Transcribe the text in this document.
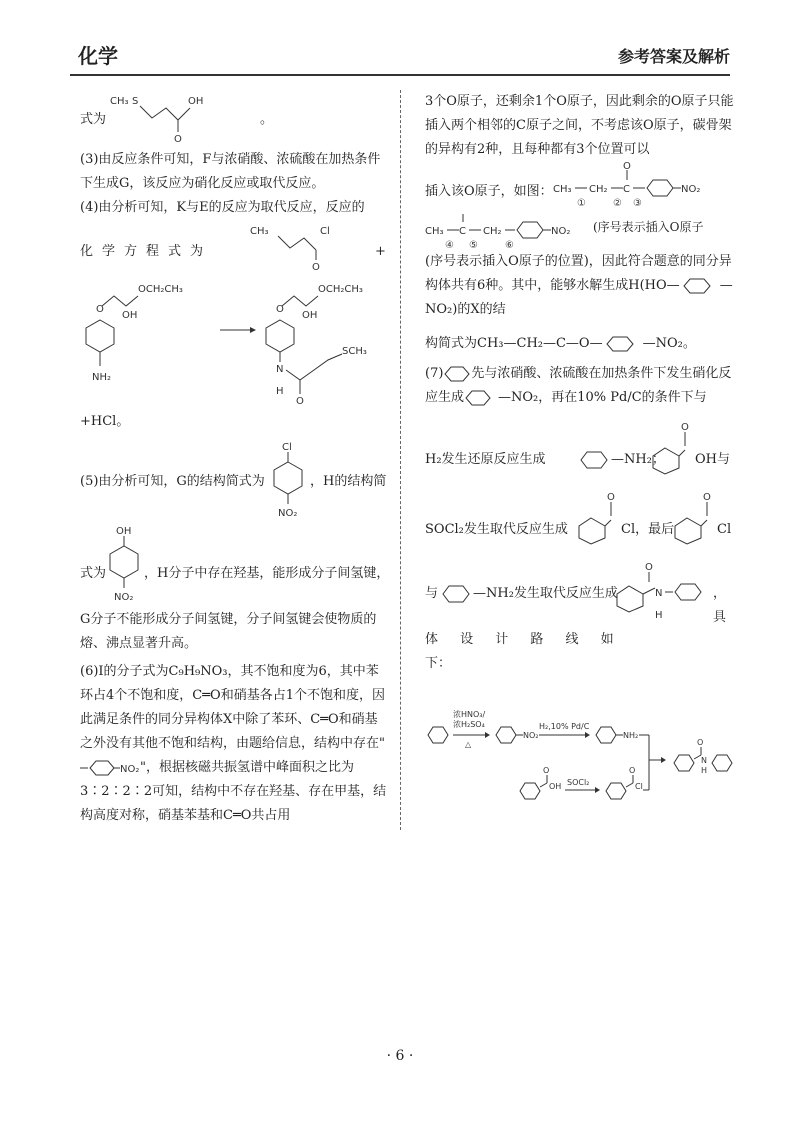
化学	参考答案及解析
式为
CH₃ S
O
OH
。

(3)由反应条件可知，F与浓硝酸、浓硫酸在加热条件下生成G，该反应为硝化反应或取代反应。

(4)由分析可知，K与E的反应为取代反应，反应的

化学方程式为
CH₃
O
Cl
+
O
OH
OCH₂CH₃
NH₂
O
OH
OCH₂CH₃
N
H
O
SCH₃

+HCl。

(5)由分析可知，G的结构简式为
Cl
NO₂
，H的结构简
式为
OH
NO₂
，H分子中存在羟基，能形成分子间氢键，

G分子不能形成分子间氢键，分子间氢键会使物质的熔、沸点显著升高。

(6)I的分子式为C₉H₉NO₃，其不饱和度为6，其中苯环占4个不饱和度，C═O和硝基各占1个不饱和度，因此满足条件的同分异构体X中除了苯环、C═O和硝基之外没有其他不饱和结构，由题给信息，结构中存在"
NO₂ "，根据核磁共振氢谱中峰面积之比为3∶2∶2∶2可知，结构中不存在羟基、存在甲基，结构高度对称，硝基苯基和C═O共占用

3个O原子，还剩余1个O原子，因此剩余的O原子只能插入两个相邻的C原子之间，不考虑该O原子，碳骨架的异构有2种，且每种都有3个位置可以

插入该O原子，如图： CH₃ CH₂ C
O
NO₂
①	② ③
CH₃ C CH₂	NO₂
④ ⑤	⑥
(序号表示插入O原子

(序号表示插入O原子的位置)，因此符合题意的同分异构体共有6种。其中，能够水解生成H(HO—	—NO₂)的X的结

构简式为CH₃—CH₂—C—O—	—NO₂。

(7) 先与浓硝酸、浓硫酸在加热条件下发生硝化反应生成	—NO₂，再在10% Pd/C的条件下与

H₂发生还原反应生成	—NH₂；
O
OH与
SOCl₂发生取代反应生成
O
Cl，最后
O
Cl
与	—NH₂发生取代反应生成
O
N
H
，具

体 设 计 路 线 如

下：

浓HNO₃/
浓H₂SO₄
△
NO₂
H₂,10% Pd/C
NH₂
O
N
H
O
OH SOCl₂
O
Cl
· 6 ·
